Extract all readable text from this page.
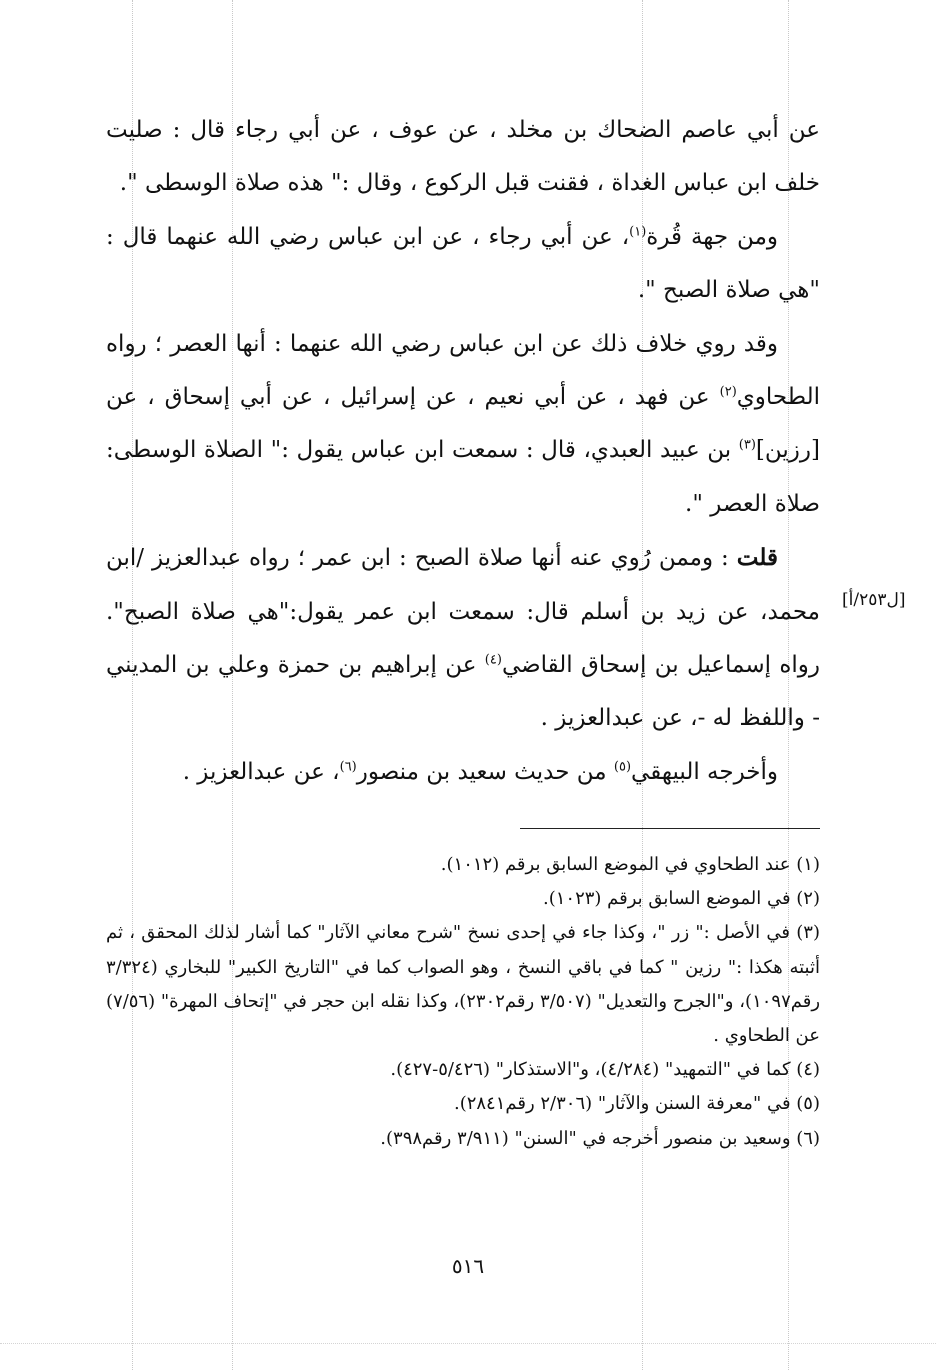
عن أبي عاصم الضحاك بن مخلد ، عن عوف ، عن أبي رجاء قال : صليت خلف ابن عباس الغداة ، فقنت قبل الركوع ، وقال :" هذه صلاة الوسطى ".

ومن جهة قُرة$^{(١)}$، عن أبي رجاء ، عن ابن عباس رضي الله عنهما قال : "هي صلاة الصبح ".

وقد روي خلاف ذلك عن ابن عباس رضي الله عنهما : أنها العصر ؛ رواه الطحاوي$^{(٢)}$ عن فهد ، عن أبي نعيم ، عن إسرائيل ، عن أبي إسحاق ، عن [رزين]$^{(٣)}$ بن عبيد العبدي، قال : سمعت ابن عباس يقول :" الصلاة الوسطى: صلاة العصر ".

قلت : وممن رُوي عنه أنها صلاة الصبح : ابن عمر ؛ رواه عبدالعزيز /ابن محمد، عن زيد بن أسلم قال: سمعت ابن عمر يقول:"هي صلاة الصبح". رواه إسماعيل بن إسحاق القاضي$^{(٤)}$ عن إبراهيم بن حمزة وعلي بن المديني - واللفظ له -، عن عبدالعزيز .

وأخرجه البيهقي$^{(٥)}$ من حديث سعيد بن منصور$^{(٦)}$، عن عبدالعزيز .

[ل٢٥٣/أ]

(١) عند الطحاوي في الموضع السابق برقم (١٠١٢).

(٢) في الموضع السابق برقم (١٠٢٣).

(٣) في الأصل :" زر "، وكذا جاء في إحدى نسخ "شرح معاني الآثار" كما أشار لذلك المحقق ، ثم أثبته هكذا :" رزين " كما في باقي النسخ ، وهو الصواب كما في "التاريخ الكبير" للبخاري (٣/٣٢٤ رقم١٠٩٧)، و"الجرح والتعديل" (٣/٥٠٧ رقم٢٣٠٢)، وكذا نقله ابن حجر في "إتحاف المهرة" (٧/٥٦) عن الطحاوي .

(٤) كما في "التمهيد" (٤/٢٨٤)، و"الاستذكار" (٥/٤٢٦-٤٢٧).

(٥) في "معرفة السنن والآثار" (٢/٣٠٦ رقم٢٨٤١).

(٦) وسعيد بن منصور أخرجه في "السنن" (٣/٩١١ رقم٣٩٨).

٥١٦
